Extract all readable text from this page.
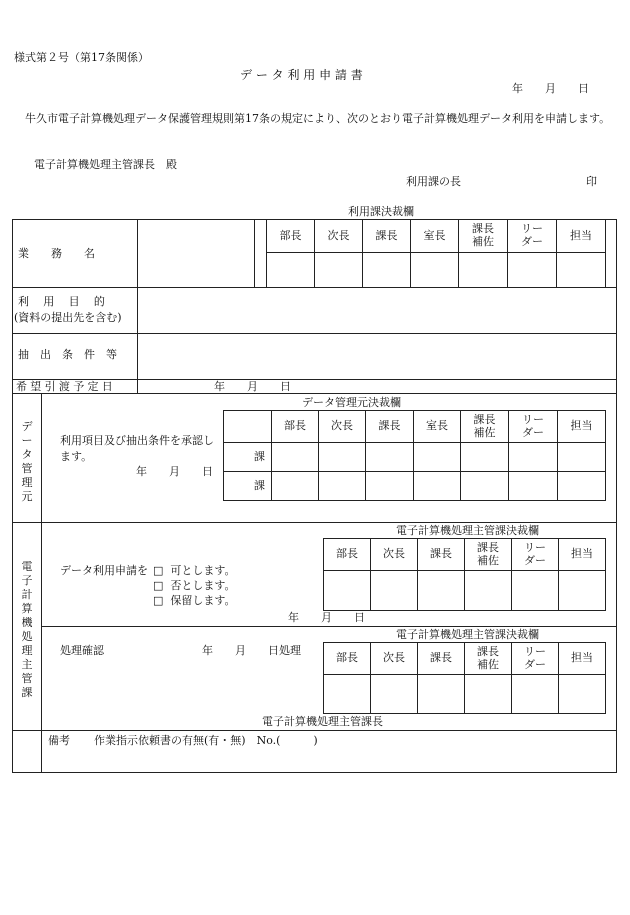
様式第２号（第17条関係）
デ ー タ 利 用 申 請 書
年　　月　　日
牛久市電子計算機処理データ保護管理規則第17条の規定により、次のとおり電子計算機処理データ利用を申請します。
電子計算機処理主管課長　殿
利用課の長	印
利用課決裁欄
業　　務　　名
部長	次長	課長	室長	課長補佐	リーダー	担当

利　用　目　的
(資料の提出先を含む)
抽　出　条　件　等
希望引渡予定日	年　　月　　日
データ管理元
データ管理元決裁欄
利用項目及び抽出条件を承認します。
年　　月　　日
	部長	次長	課長	室長	課長補佐	リーダー	担当
課							
課							
電子計算機処理主管課
電子計算機処理主管課決裁欄
部長	次長	課長	課長補佐	リーダー	担当

データ利用申請を □ 可とします。
□ 否とします。
□ 保留します。
年　　月　　日
電子計算機処理主管課決裁欄
部長	次長	課長	課長補佐	リーダー	担当

処理確認	年　　月　　日処理
電子計算機処理主管課長
備考 作業指示依頼書の有無(有・無)　No.(　　　)
